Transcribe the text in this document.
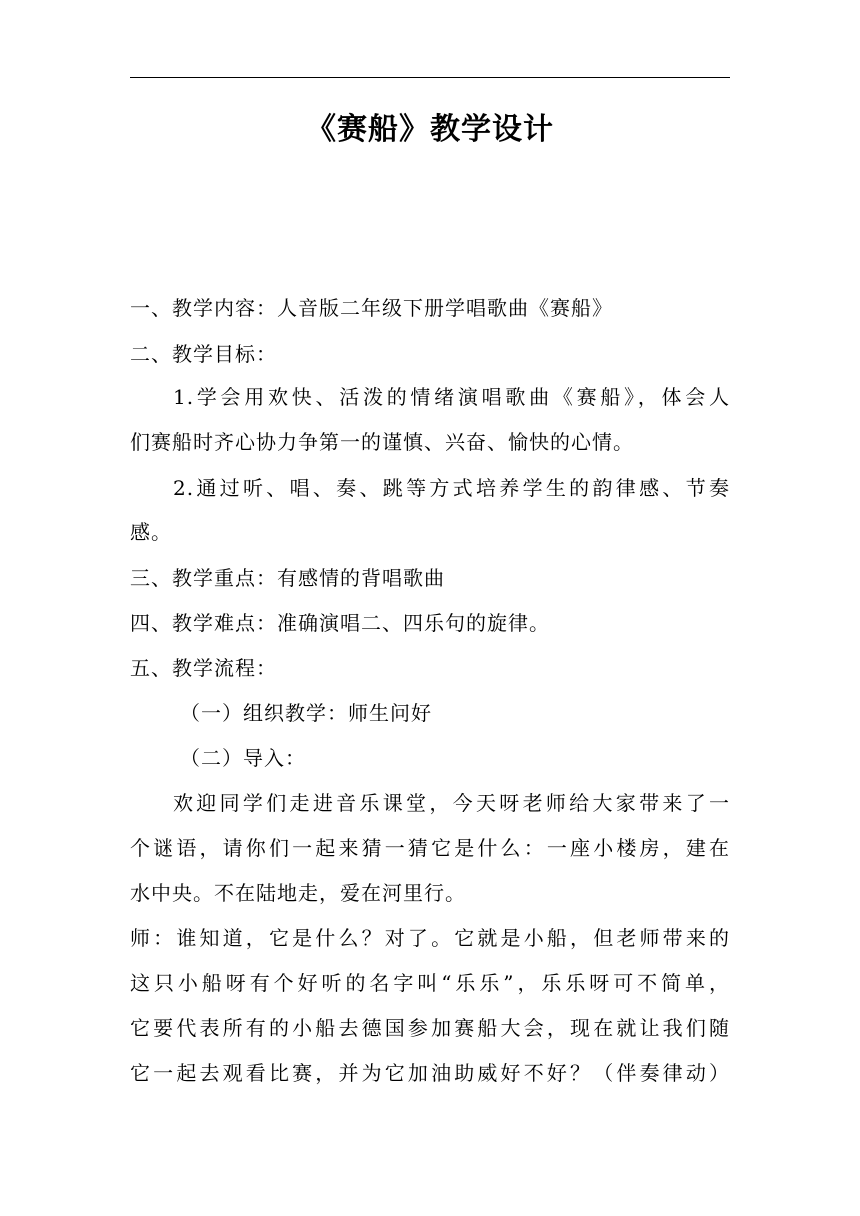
《赛船》教学设计
一、教学内容：人音版二年级下册学唱歌曲《赛船》
二、教学目标：
1.学会用欢快、活泼的情绪演唱歌曲《赛船》，体会人
们赛船时齐心协力争第一的谨慎、兴奋、愉快的心情。
2.通过听、唱、奏、跳等方式培养学生的韵律感、节奏
感。
三、教学重点：有感情的背唱歌曲
四、教学难点：准确演唱二、四乐句的旋律。
五、教学流程：
（一）组织教学：师生问好
（二）导入：
欢迎同学们走进音乐课堂，今天呀老师给大家带来了一
个谜语，请你们一起来猜一猜它是什么：一座小楼房，建在
水中央。不在陆地走，爱在河里行。
师：谁知道，它是什么？对了。它就是小船，但老师带来的
这只小船呀有个好听的名字叫“乐乐”，乐乐呀可不简单，
它要代表所有的小船去德国参加赛船大会，现在就让我们随
它一起去观看比赛，并为它加油助威好不好？（伴奏律动）
